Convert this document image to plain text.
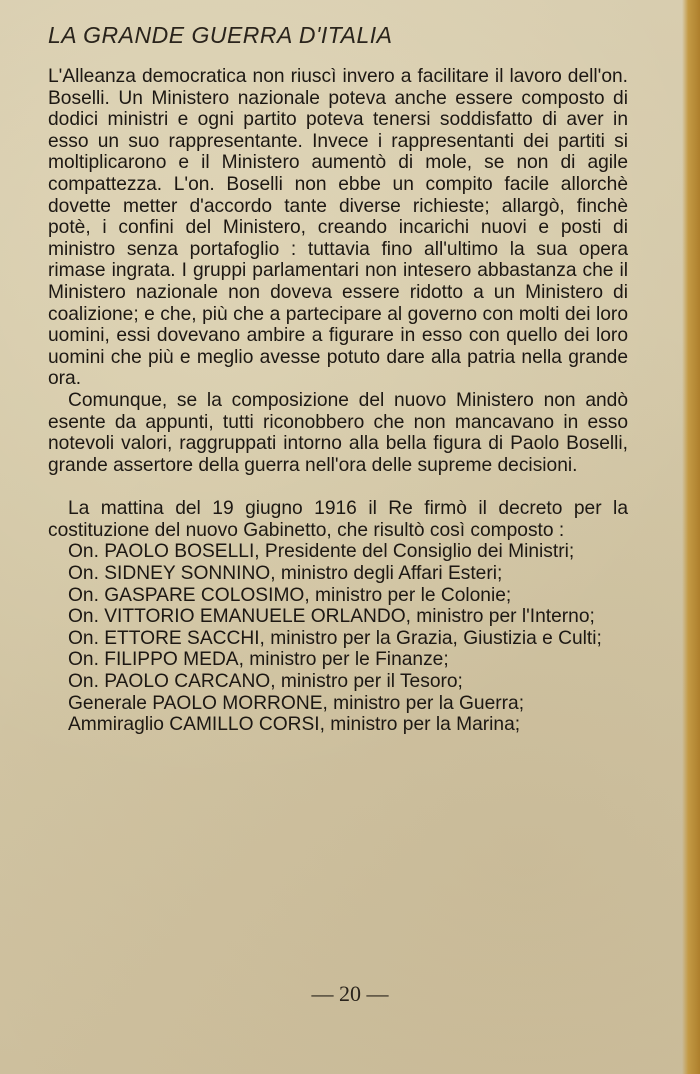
LA GRANDE GUERRA D'ITALIA

L'Alleanza democratica non riuscì invero a facilitare il lavoro dell'on. Boselli. Un Ministero nazionale poteva anche essere composto di dodici ministri e ogni partito poteva tenersi soddisfatto di aver in esso un suo rappresentante. Invece i rappresentanti dei partiti si moltiplicarono e il Ministero aumentò di mole, se non di agile compattezza. L'on. Boselli non ebbe un compito facile allorchè dovette metter d'accordo tante diverse richieste; allargò, finchè potè, i confini del Ministero, creando incarichi nuovi e posti di ministro senza portafoglio : tuttavia fino all'ultimo la sua opera rimase ingrata. I gruppi parlamentari non intesero abbastanza che il Ministero nazionale non doveva essere ridotto a un Ministero di coalizione; e che, più che a partecipare al governo con molti dei loro uomini, essi dovevano ambire a figurare in esso con quello dei loro uomini che più e meglio avesse potuto dare alla patria nella grande ora.

Comunque, se la composizione del nuovo Ministero non andò esente da appunti, tutti riconobbero che non mancavano in esso notevoli valori, raggruppati intorno alla bella figura di Paolo Boselli, grande assertore della guerra nell'ora delle supreme decisioni.

La mattina del 19 giugno 1916 il Re firmò il decreto per la costituzione del nuovo Gabinetto, che risultò così composto :

On. PAOLO BOSELLI, Presidente del Consiglio dei Ministri;

On. SIDNEY SONNINO, ministro degli Affari Esteri;

On. GASPARE COLOSIMO, ministro per le Colonie;

On. VITTORIO EMANUELE ORLANDO, ministro per l'Interno;

On. ETTORE SACCHI, ministro per la Grazia, Giustizia e Culti;

On. FILIPPO MEDA, ministro per le Finanze;

On. PAOLO CARCANO, ministro per il Tesoro;

Generale PAOLO MORRONE, ministro per la Guerra;

Ammiraglio CAMILLO CORSI, ministro per la Marina;

— 20 —
